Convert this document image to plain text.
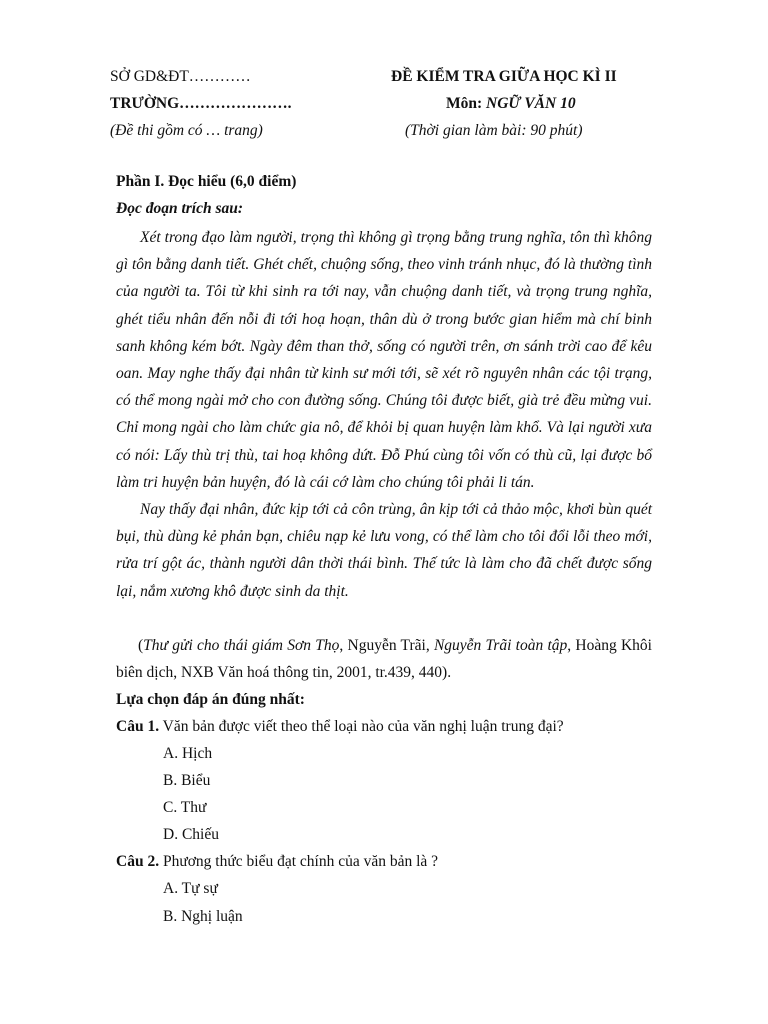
SỞ GD&ĐT…………
TRƯỜNG………………….
(Đề thi gồm có … trang)
ĐỀ KIỂM TRA GIỮA HỌC KÌ II
Môn: NGỮ VĂN 10
(Thời gian làm bài: 90 phút)
Phần I. Đọc hiểu (6,0 điểm)
Đọc đoạn trích sau:

Xét trong đạo làm người, trọng thì không gì trọng bằng trung nghĩa, tôn thì không gì tôn bằng danh tiết. Ghét chết, chuộng sống, theo vinh tránh nhục, đó là thường tình của người ta. Tôi từ khi sinh ra tới nay, vẫn chuộng danh tiết, và trọng trung nghĩa, ghét tiểu nhân đến nỗi đi tới hoạ hoạn, thân dù ở trong bước gian hiểm mà chí binh sanh không kém bớt. Ngày đêm than thở, sống có người trên, ơn sánh trời cao để kêu oan. May nghe thấy đại nhân từ kinh sư mới tới, sẽ xét rõ nguyên nhân các tội trạng, có thể mong ngài mở cho con đường sống. Chúng tôi được biết, già trẻ đều mừng vui. Chỉ mong ngài cho làm chức gia nô, để khỏi bị quan huyện làm khổ. Và lại người xưa có nói: Lấy thù trị thù, tai hoạ không dứt. Đỗ Phú cùng tôi vốn có thù cũ, lại được bổ làm tri huyện bản huyện, đó là cái cớ làm cho chúng tôi phải li tán.

Nay thấy đại nhân, đức kịp tới cả côn trùng, ân kịp tới cả thảo mộc, khơi bùn quét bụi, thù dùng kẻ phản bạn, chiêu nạp kẻ lưu vong, có thể làm cho tôi đổi lỗi theo mới, rửa trí gột ác, thành người dân thời thái bình. Thế tức là làm cho đã chết được sống lại, nắm xương khô được sinh da thịt.

(Thư gửi cho thái giám Sơn Thọ, Nguyễn Trãi, Nguyễn Trãi toàn tập, Hoàng Khôi biên dịch, NXB Văn hoá thông tin, 2001, tr.439, 440).
Lựa chọn đáp án đúng nhất:
Câu 1. Văn bản được viết theo thể loại nào của văn nghị luận trung đại?
A. Hịch
B. Biểu
C. Thư
D. Chiếu
Câu 2. Phương thức biểu đạt chính của văn bản là ?
A. Tự sự
B. Nghị luận
